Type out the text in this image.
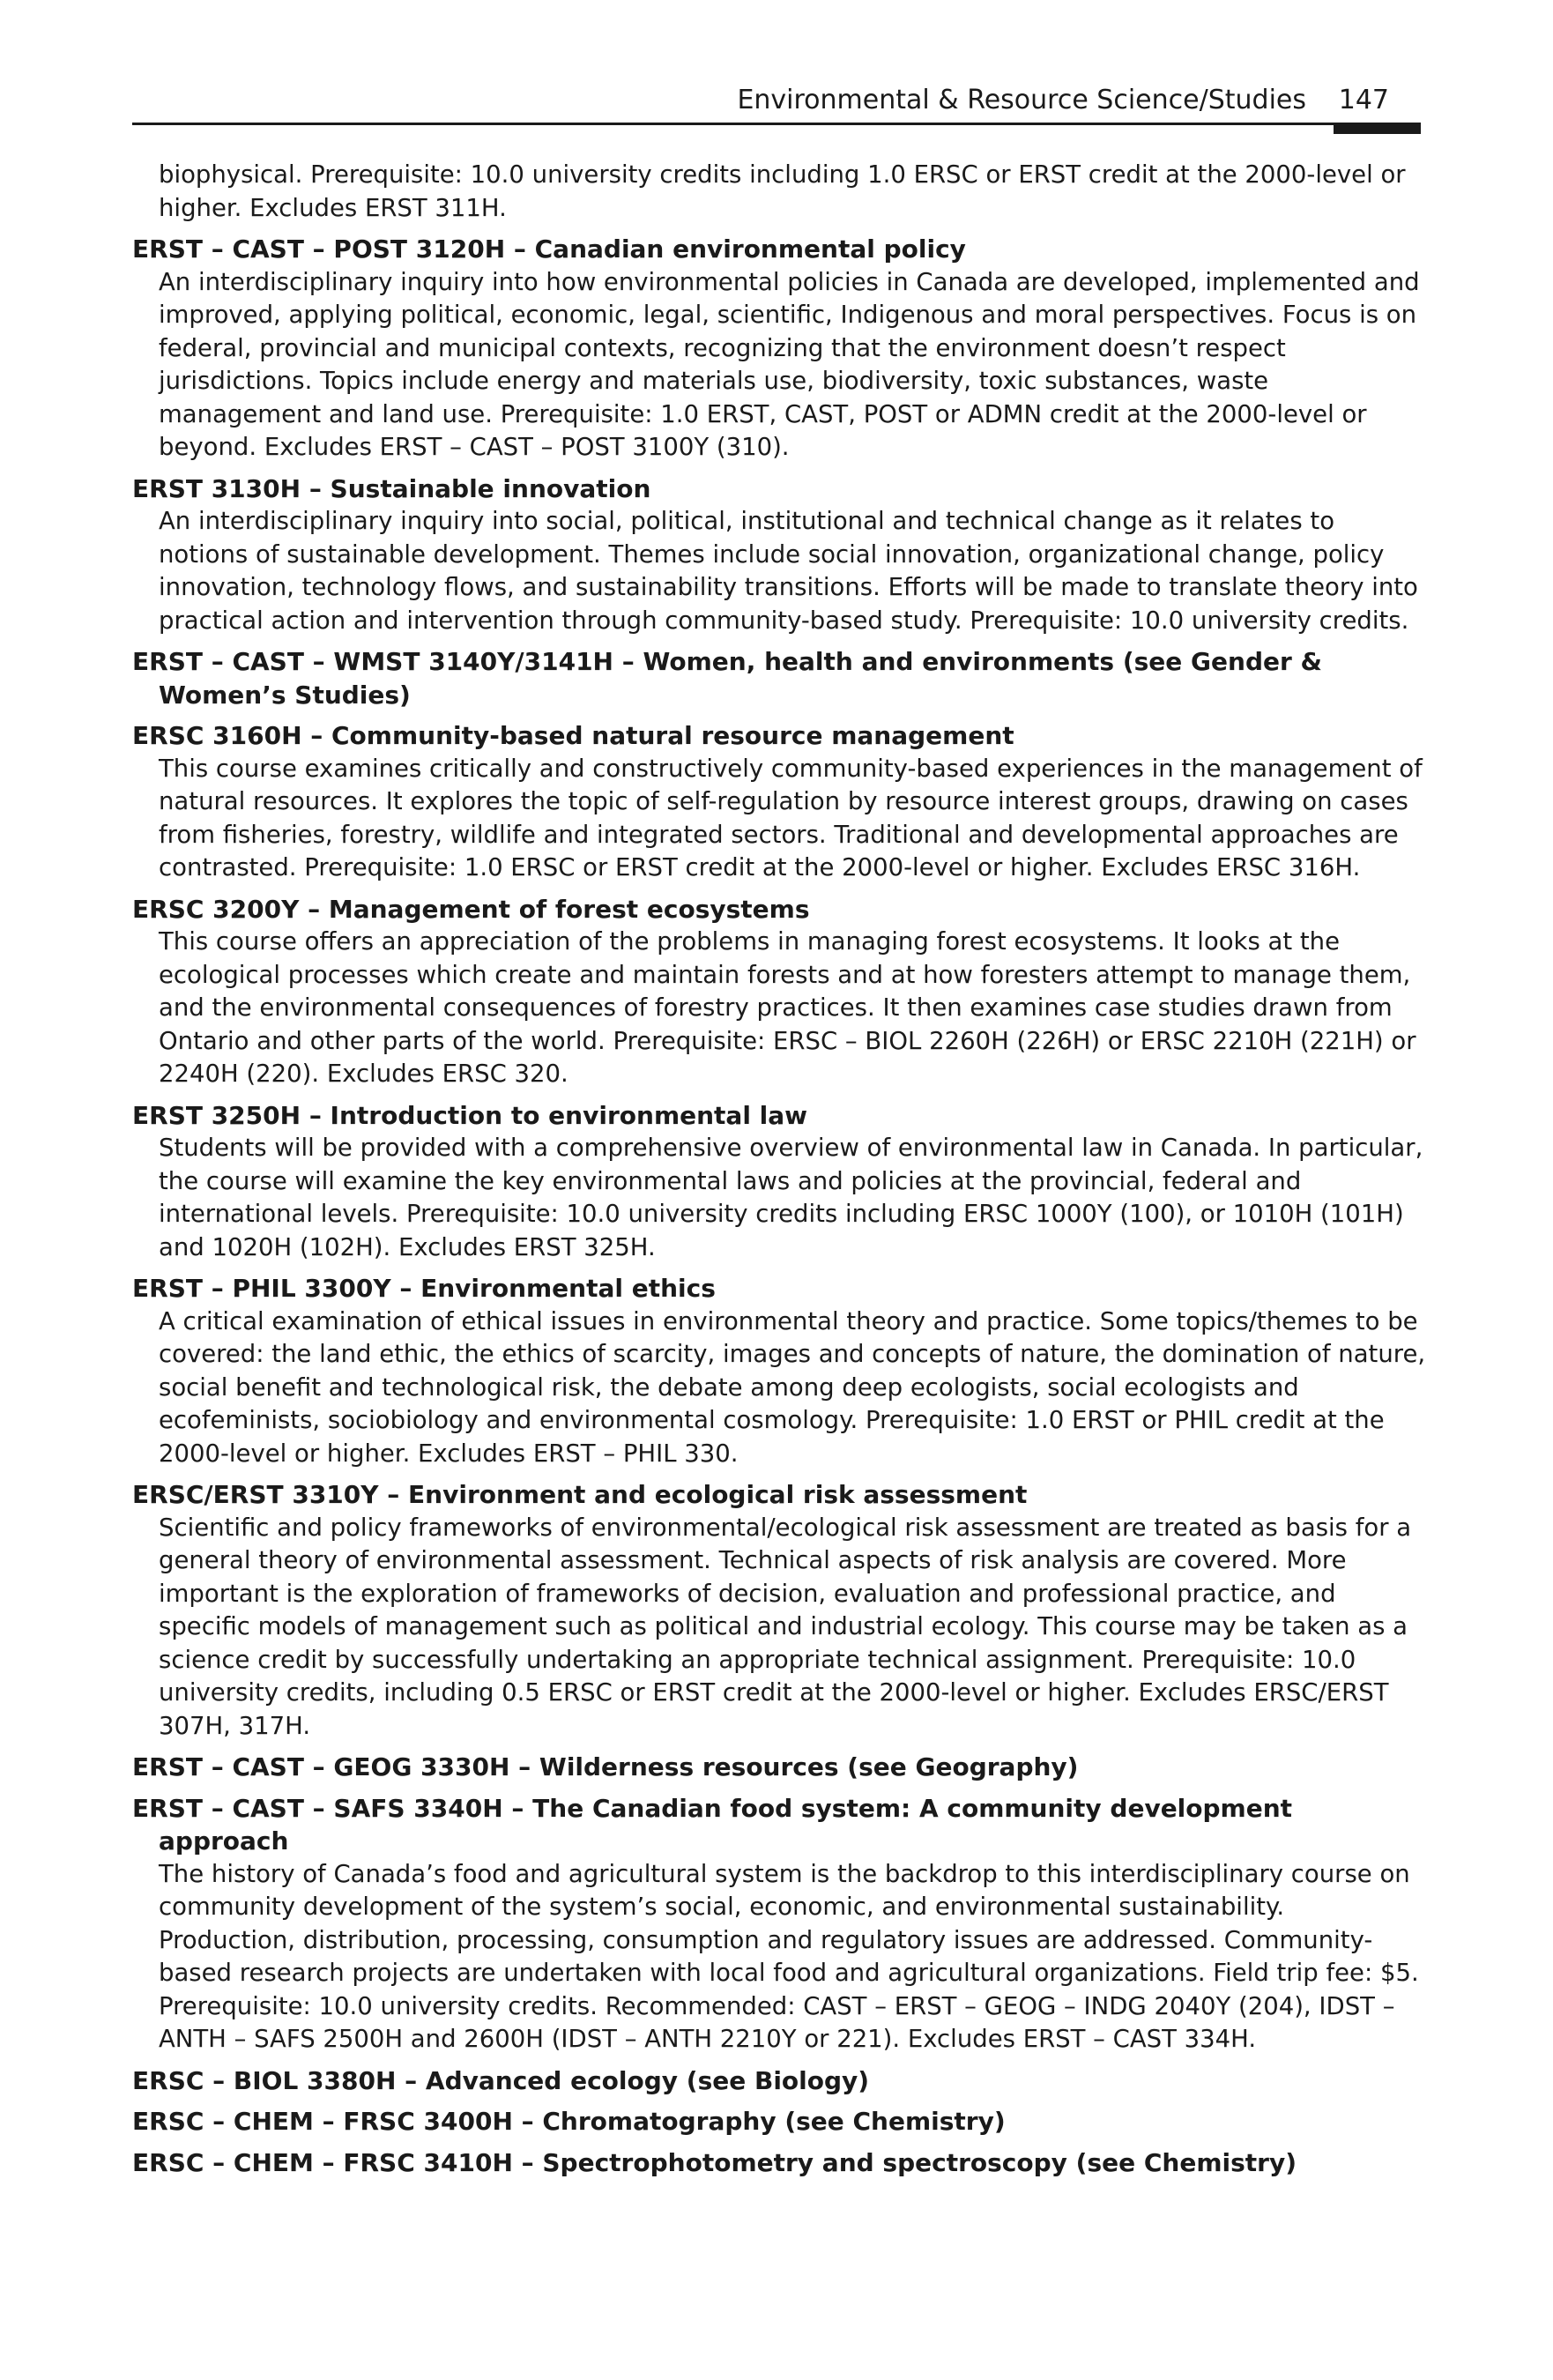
Environmental & Resource Science/Studies 147
biophysical. Prerequisite: 10.0 university credits including 1.0 ERSC or ERST credit at the 2000-level or higher. Excludes ERST 311H.
ERST – CAST – POST 3120H – Canadian environmental policy
An interdisciplinary inquiry into how environmental policies in Canada are developed, implemented and improved, applying political, economic, legal, scientific, Indigenous and moral perspectives. Focus is on federal, provincial and municipal contexts, recognizing that the environment doesn’t respect jurisdictions. Topics include energy and materials use, biodiversity, toxic substances, waste management and land use. Prerequisite: 1.0 ERST, CAST, POST or ADMN credit at the 2000-level or beyond. Excludes ERST – CAST – POST 3100Y (310).
ERST 3130H – Sustainable innovation
An interdisciplinary inquiry into social, political, institutional and technical change as it relates to notions of sustainable development. Themes include social innovation, organizational change, policy innovation, technology flows, and sustainability transitions. Efforts will be made to translate theory into practical action and intervention through community-based study. Prerequisite: 10.0 university credits.
ERST – CAST – WMST 3140Y/3141H – Women, health and environments (see Gender & Women’s Studies)
ERSC 3160H – Community-based natural resource management
This course examines critically and constructively community-based experiences in the management of natural resources. It explores the topic of self-regulation by resource interest groups, drawing on cases from fisheries, forestry, wildlife and integrated sectors. Traditional and developmental approaches are contrasted. Prerequisite: 1.0 ERSC or ERST credit at the 2000-level or higher. Excludes ERSC 316H.
ERSC 3200Y – Management of forest ecosystems
This course offers an appreciation of the problems in managing forest ecosystems. It looks at the ecological processes which create and maintain forests and at how foresters attempt to manage them, and the environmental consequences of forestry practices. It then examines case studies drawn from Ontario and other parts of the world. Prerequisite: ERSC – BIOL 2260H (226H) or ERSC 2210H (221H) or 2240H (220). Excludes ERSC 320.
ERST 3250H – Introduction to environmental law
Students will be provided with a comprehensive overview of environmental law in Canada. In particular, the course will examine the key environmental laws and policies at the provincial, federal and international levels. Prerequisite: 10.0 university credits including ERSC 1000Y (100), or 1010H (101H) and 1020H (102H). Excludes ERST 325H.
ERST – PHIL 3300Y – Environmental ethics
A critical examination of ethical issues in environmental theory and practice. Some topics/themes to be covered: the land ethic, the ethics of scarcity, images and concepts of nature, the domination of nature, social benefit and technological risk, the debate among deep ecologists, social ecologists and ecofeminists, sociobiology and environmental cosmology. Prerequisite: 1.0 ERST or PHIL credit at the 2000-level or higher. Excludes ERST – PHIL 330.
ERSC/ERST 3310Y – Environment and ecological risk assessment
Scientific and policy frameworks of environmental/ecological risk assessment are treated as basis for a general theory of environmental assessment. Technical aspects of risk analysis are covered. More important is the exploration of frameworks of decision, evaluation and professional practice, and specific models of management such as political and industrial ecology. This course may be taken as a science credit by successfully undertaking an appropriate technical assignment. Prerequisite: 10.0 university credits, including 0.5 ERSC or ERST credit at the 2000-level or higher. Excludes ERSC/ERST 307H, 317H.
ERST – CAST – GEOG 3330H – Wilderness resources (see Geography)
ERST – CAST – SAFS 3340H – The Canadian food system: A community development approach
The history of Canada’s food and agricultural system is the backdrop to this interdisciplinary course on community development of the system’s social, economic, and environmental sustainability. Production, distribution, processing, consumption and regulatory issues are addressed. Community-based research projects are undertaken with local food and agricultural organizations. Field trip fee: $5. Prerequisite: 10.0 university credits. Recommended: CAST – ERST – GEOG – INDG 2040Y (204), IDST – ANTH – SAFS 2500H and 2600H (IDST – ANTH 2210Y or 221). Excludes ERST – CAST 334H.
ERSC – BIOL 3380H – Advanced ecology (see Biology)
ERSC – CHEM – FRSC 3400H – Chromatography (see Chemistry)
ERSC – CHEM – FRSC 3410H – Spectrophotometry and spectroscopy (see Chemistry)
